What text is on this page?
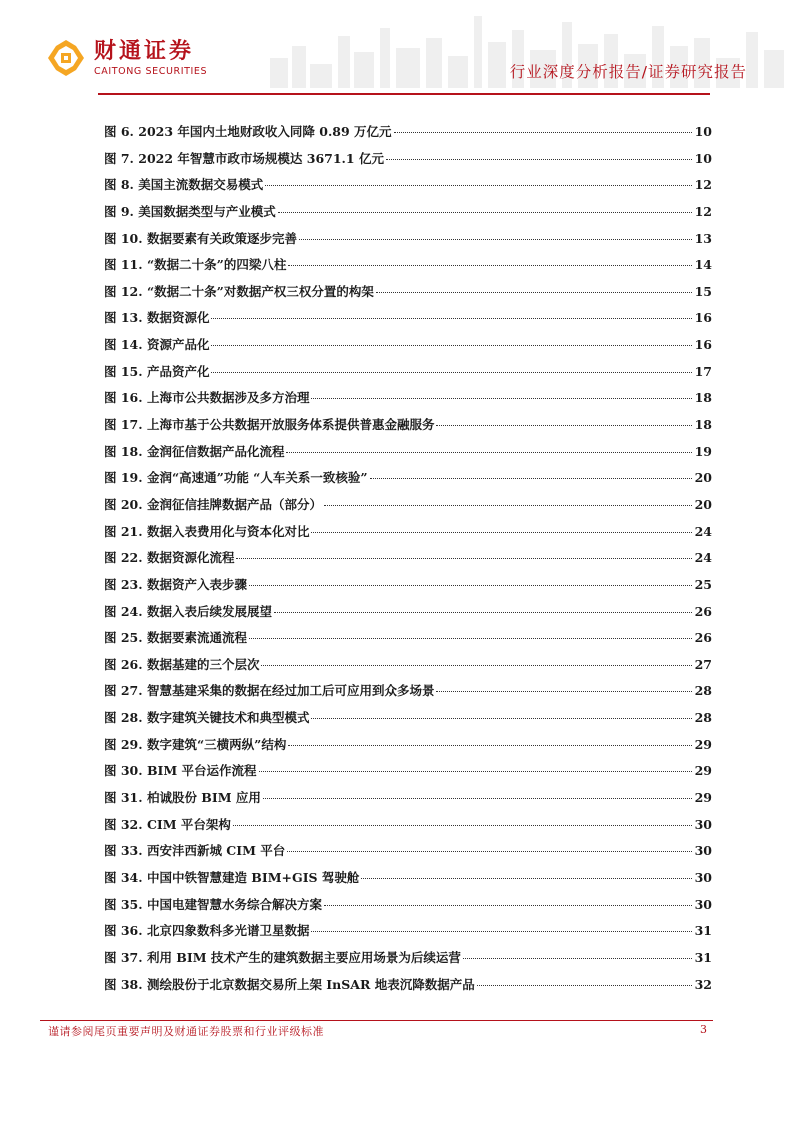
财通证券
CAITONG SECURITIES	行业深度分析报告/证券研究报告
图 6. 2023 年国内土地财政收入同降 0.89 万亿元	10
图 7. 2022 年智慧市政市场规模达 3671.1 亿元	10
图 8. 美国主流数据交易模式	12
图 9. 美国数据类型与产业模式	12
图 10. 数据要素有关政策逐步完善	13
图 11. “数据二十条”的四梁八柱	14
图 12. “数据二十条”对数据产权三权分置的构架	15
图 13. 数据资源化	16
图 14. 资源产品化	16
图 15. 产品资产化	17
图 16. 上海市公共数据涉及多方治理	18
图 17. 上海市基于公共数据开放服务体系提供普惠金融服务	18
图 18. 金润征信数据产品化流程	19
图 19. 金润“高速通”功能 “人车关系一致核验”	20
图 20. 金润征信挂牌数据产品（部分）	20
图 21. 数据入表费用化与资本化对比	24
图 22. 数据资源化流程	24
图 23. 数据资产入表步骤	25
图 24. 数据入表后续发展展望	26
图 25. 数据要素流通流程	26
图 26. 数据基建的三个层次	27
图 27. 智慧基建采集的数据在经过加工后可应用到众多场景	28
图 28. 数字建筑关键技术和典型模式	28
图 29. 数字建筑“三横两纵”结构	29
图 30. BIM 平台运作流程	29
图 31. 柏诚股份 BIM 应用	29
图 32. CIM 平台架构	30
图 33. 西安沣西新城 CIM 平台	30
图 34. 中国中铁智慧建造 BIM+GIS 驾驶舱	30
图 35. 中国电建智慧水务综合解决方案	30
图 36. 北京四象数科多光谱卫星数据	31
图 37. 利用 BIM 技术产生的建筑数据主要应用场景为后续运营	31
图 38. 测绘股份于北京数据交易所上架 InSAR 地表沉降数据产品	32
谨请参阅尾页重要声明及财通证券股票和行业评级标准	3
